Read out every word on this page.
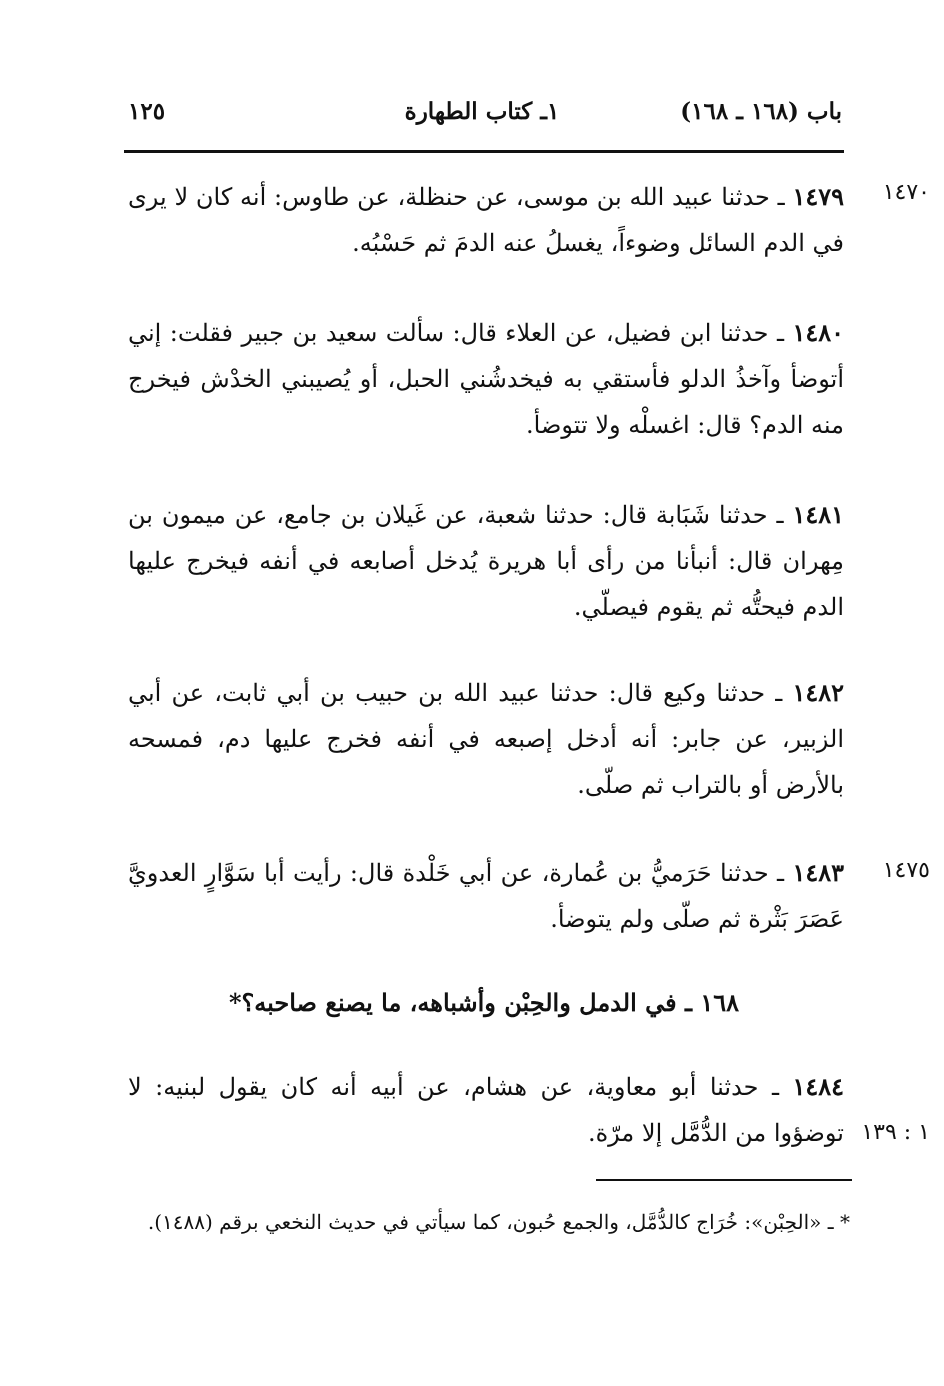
باب (١٦٨ ـ ١٦٨)
١ـ كتاب الطهارة
١٢٥
١٤٧٠
١٤٧٩ ـ حدثنا عبيد الله بن موسى، عن حنظلة، عن طاوس: أنه كان لا يرى في الدم السائل وضوءاً، يغسلُ عنه الدمَ ثم حَسْبُه.
١٤٨٠ ـ حدثنا ابن فضيل، عن العلاء قال: سألت سعيد بن جبير فقلت: إني أتوضأ وآخذُ الدلو فأستقي به فيخدشُني الحبل، أو يُصيبني الخدْش فيخرج منه الدم؟ قال: اغسلْه ولا تتوضأ.
١٤٨١ ـ حدثنا شَبَابة قال: حدثنا شعبة، عن غَيلان بن جامع، عن ميمون بن مِهران قال: أنبأنا من رأى أبا هريرة يُدخل أصابعه في أنفه فيخرج عليها الدم فيحتُّه ثم يقوم فيصلّي.
١٤٨٢ ـ حدثنا وكيع قال: حدثنا عبيد الله بن حبيب بن أبي ثابت، عن أبي الزبير، عن جابر: أنه أدخل إصبعه في أنفه فخرج عليها دم، فمسحه بالأرض أو بالتراب ثم صلّى.
١٤٧٥
١٤٨٣ ـ حدثنا حَرَميُّ بن عُمارة، عن أبي خَلْدة قال: رأيت أبا سَوَّارٍ العدويَّ عَصَرَ بَثْرة ثم صلّى ولم يتوضأ.
١٦٨ ـ في الدمل والحِبْن وأشباهه، ما يصنع صاحبه؟*
١ : ١٣٩
١٤٨٤ ـ حدثنا أبو معاوية، عن هشام، عن أبيه أنه كان يقول لبنيه: لا توضؤوا من الدُّمَّل إلا مرّة.
* ـ «الحِبْن»: خُرَاج كالدُّمَّل، والجمع حُبون، كما سيأتي في حديث النخعي برقم (١٤٨٨).
